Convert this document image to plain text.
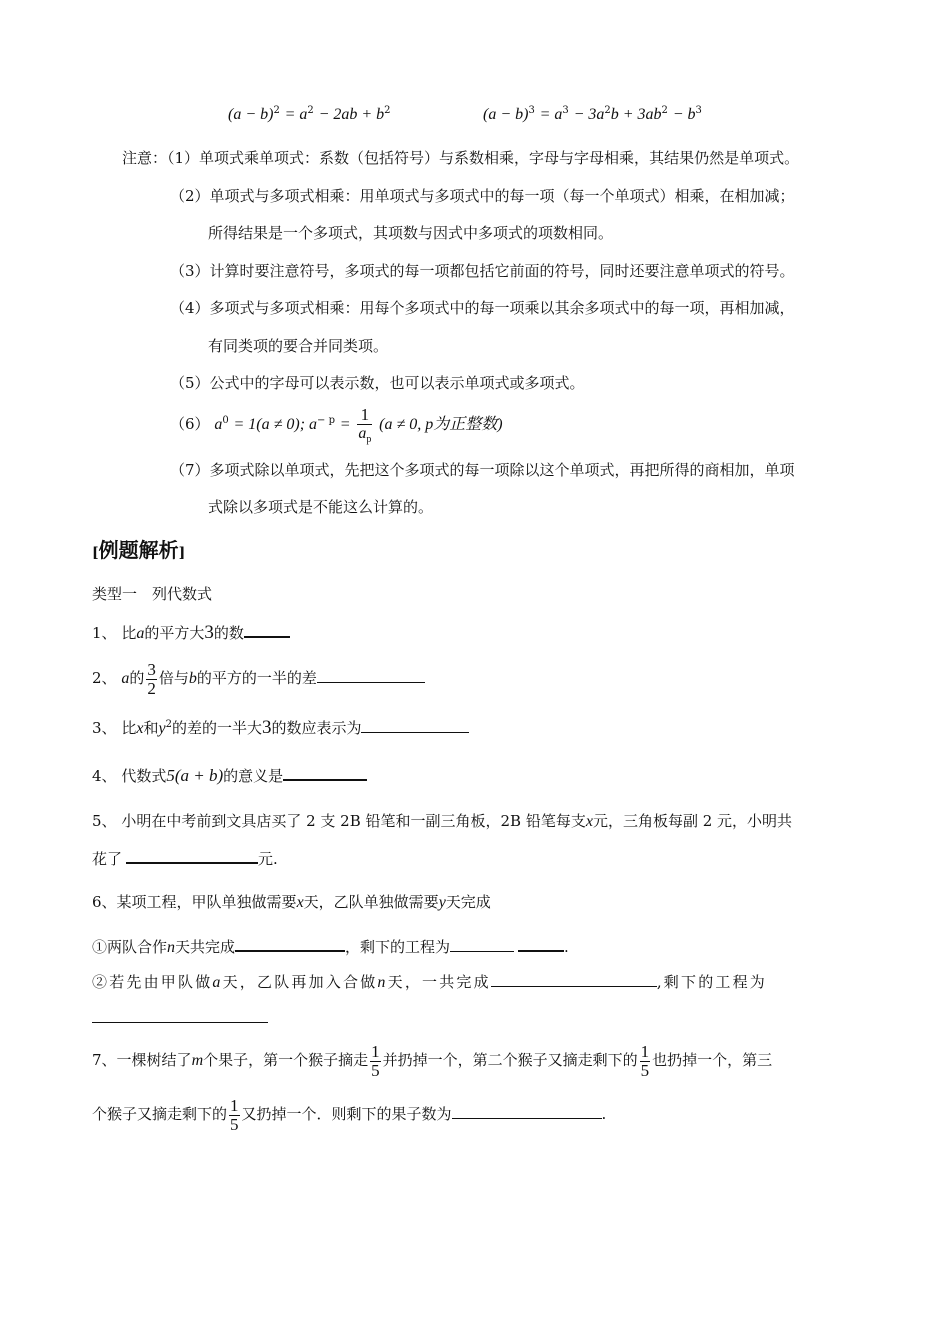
$(a - b)^2 = a^2 - 2ab + b^2$	$(a - b)^3 = a^3 - 3a^2b + 3ab^2 - b^3$
注意：（1）单项式乘单项式：系数（包括符号）与系数相乘，字母与字母相乘，其结果仍然是单项式。
（2）单项式与多项式相乘：用单项式与多项式中的每一项（每一个单项式）相乘，在相加减；
所得结果是一个多项式，其项数与因式中多项式的项数相同。
（3）计算时要注意符号，多项式的每一项都包括它前面的符号，同时还要注意单项式的符号。
（4）多项式与多项式相乘：用每个多项式中的每一项乘以其余多项式中的每一项，再相加减，
有同类项的要合并同类项。
（5）公式中的字母可以表示数，也可以表示单项式或多项式。
（6） $a^0 = 1(a \ne 0)$; $a^{- p} = \frac{1}{a_p} (a \ne 0$, p为正整数)
（7）多项式除以单项式，先把这个多项式的每一项除以这个单项式，再把所得的商相加，单项
式除以多项式是不能这么计算的。
[例题解析]
类型一　列代数式
1、 比a的平方大3的数
2、 a的 $\frac{3}{2}$ 倍与b的平方的一半的差
3、 比x和$y^2$的差的一半大3的数应表示为
4、 代数式5(a + b)的意义是
5、 小明在中考前到文具店买了 2 支 2B 铅笔和一副三角板，2B 铅笔每支x元，三角板每副 2 元，小明共
花了	元.
6、某项工程，甲队单独做需要x天，乙队单独做需要y天完成
①两队合作n天共完成	，剩下的工程为	.
②若先由甲队做a天，乙队再加入合做n天，一共完成	,剩下的工程为
7、一棵树结了m个果子，第一个猴子摘走 $\frac{1}{5}$ 并扔掉一个，第二个猴子又摘走剩下的 $\frac{1}{5}$ 也扔掉一个，第三
个猴子又摘走剩下的 $\frac{1}{5}$ 又扔掉一个．则剩下的果子数为	.
